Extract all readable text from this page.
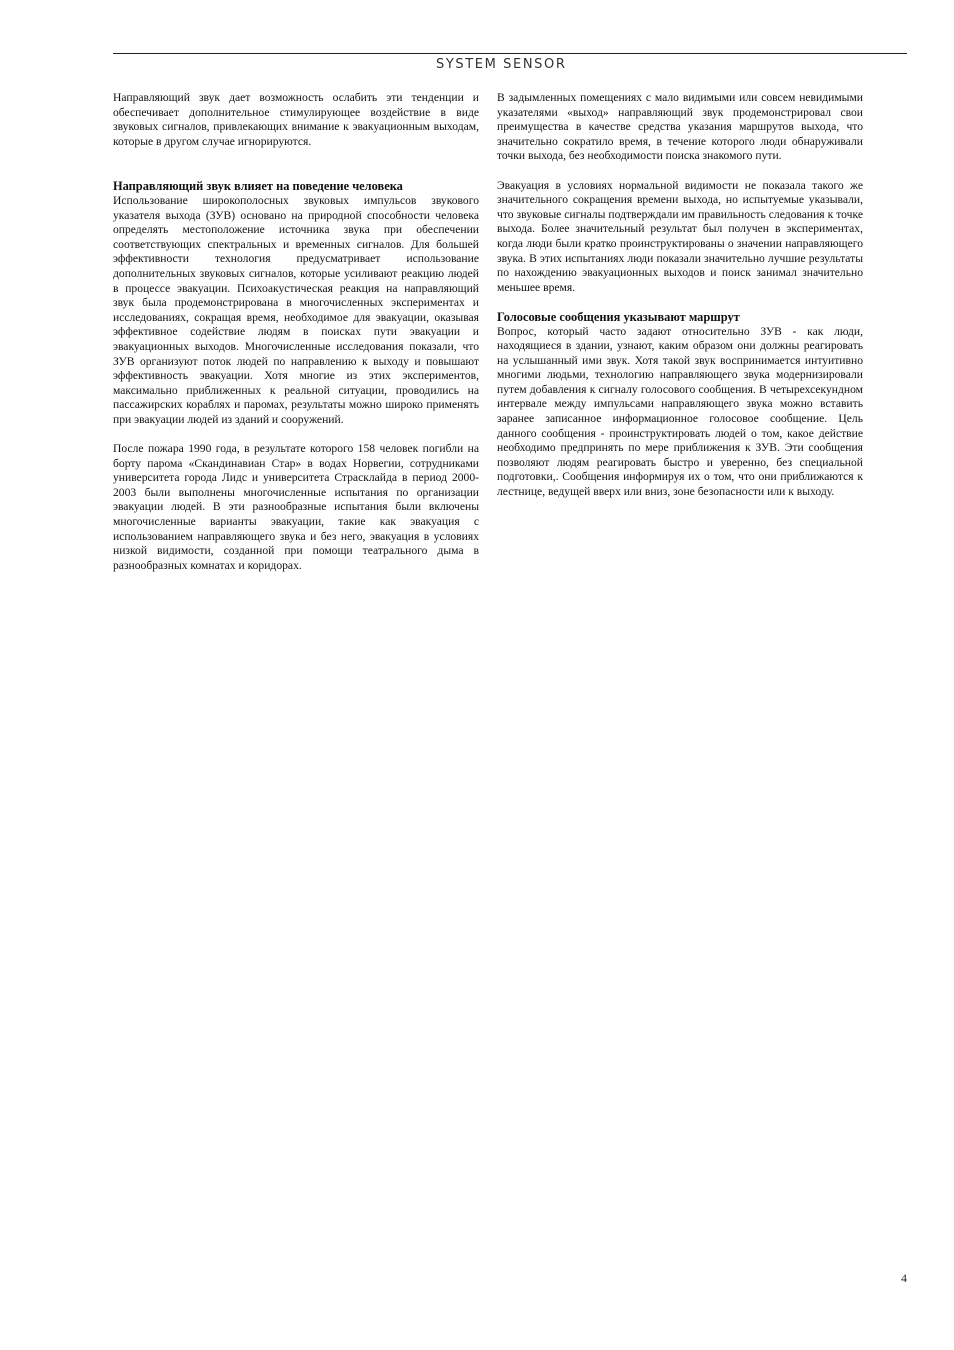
SYSTEM SENSOR

Направляющий звук дает возможность ослабить эти тенденции и обеспечивает дополнительное стимулирующее воздействие в виде звуковых сигналов, привлекающих внимание к эвакуационным выходам, которые в другом случае игнорируются.

Направляющий звук влияет на поведение человека

Использование широкополосных звуковых импульсов звукового указателя выхода (ЗУВ) основано на природной способности человека определять местоположение источника звука при обеспечении соответствующих спектральных и временных сигналов. Для большей эффективности технология предусматривает использование дополнительных звуковых сигналов, которые усиливают реакцию людей в процессе эвакуации. Психоакустическая реакция на направляющий звук была продемонстрирована в многочисленных экспериментах и исследованиях, сокращая время, необходимое для эвакуации, оказывая эффективное содействие людям в поисках пути эвакуации и эвакуационных выходов. Многочисленные исследования показали, что ЗУВ организуют поток людей по направлению к выходу и повышают эффективность эвакуации. Хотя многие из этих экспериментов, максимально приближенных к реальной ситуации, проводились на пассажирских кораблях и паромах, результаты можно широко применять при эвакуации людей из зданий и сооружений.

После пожара 1990 года, в результате которого 158 человек погибли на борту парома «Скандинавиан Стар» в водах Норвегии, сотрудниками университета города Лидс и университета Страсклайда в период 2000-2003 были выполнены многочисленные испытания по организации эвакуации людей. В эти разнообразные испытания были включены многочисленные варианты эвакуации, такие как эвакуация с использованием направляющего звука и без него, эвакуация в условиях низкой видимости, созданной при помощи театрального дыма в разнообразных комнатах и коридорах.

В задымленных помещениях с мало видимыми или совсем невидимыми указателями «выход» направляющий звук продемонстрировал свои преимущества в качестве средства указания маршрутов выхода, что значительно сократило время, в течение которого люди обнаруживали точки выхода, без необходимости поиска знакомого пути.

Эвакуация в условиях нормальной видимости не показала такого же значительного сокращения времени выхода, но испытуемые указывали, что звуковые сигналы подтверждали им правильность следования к точке выхода. Более значительный результат был получен в экспериментах, когда люди были кратко проинструктированы о значении направляющего звука. В этих испытаниях люди показали значительно лучшие результаты по нахождению эвакуационных выходов и поиск занимал значительно меньшее время.

Голосовые сообщения указывают маршрут

Вопрос, который часто задают относительно ЗУВ - как люди, находящиеся в здании, узнают, каким образом они должны реагировать на услышанный ими звук. Хотя такой звук воспринимается интуитивно многими людьми, технологию направляющего звука модернизировали путем добавления к сигналу голосового сообщения. В четырехсекундном интервале между импульсами направляющего звука можно вставить заранее записанное информационное голосовое сообщение. Цель данного сообщения - проинструктировать людей о том, какое действие необходимо предпринять по мере приближения к ЗУВ. Эти сообщения позволяют людям реагировать быстро и уверенно, без специальной подготовки,. Сообщения информируя их о том, что они приближаются к лестнице, ведущей вверх или вниз, зоне безопасности или к выходу.

4
